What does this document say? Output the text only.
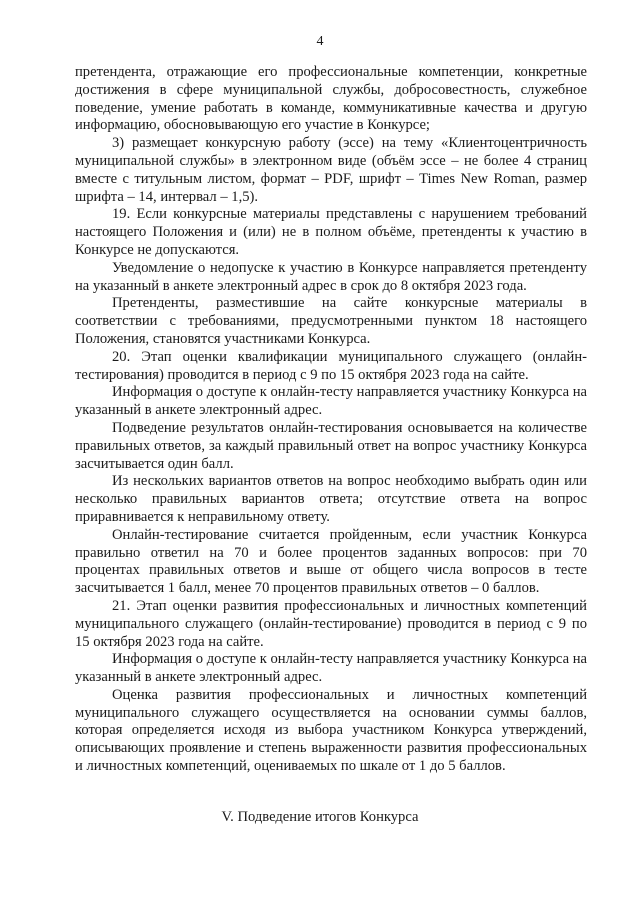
4

претендента, отражающие его профессиональные компетенции, конкретные достижения в сфере муниципальной службы, добросовестность, служебное поведение, умение работать в команде, коммуникативные качества и другую информацию, обосновывающую его участие в Конкурсе;

3) размещает конкурсную работу (эссе) на тему «Клиентоцентричность муниципальной службы» в электронном виде (объём эссе – не более 4 страниц вместе с титульным листом, формат – PDF, шрифт – Times New Roman, размер шрифта – 14, интервал – 1,5).

19. Если конкурсные материалы представлены с нарушением требований настоящего Положения и (или) не в полном объёме, претенденты к участию в Конкурсе не допускаются.

Уведомление о недопуске к участию в Конкурсе направляется претенденту на указанный в анкете электронный адрес в срок до 8 октября 2023 года.

Претенденты, разместившие на сайте конкурсные материалы в соответствии с требованиями, предусмотренными пунктом 18 настоящего Положения, становятся участниками Конкурса.

20. Этап оценки квалификации муниципального служащего (онлайн-тестирования) проводится в период с 9 по 15 октября 2023 года на сайте.

Информация о доступе к онлайн-тесту направляется участнику Конкурса на указанный в анкете электронный адрес.

Подведение результатов онлайн-тестирования основывается на количестве правильных ответов, за каждый правильный ответ на вопрос участнику Конкурса засчитывается один балл.

Из нескольких вариантов ответов на вопрос необходимо выбрать один или несколько правильных вариантов ответа; отсутствие ответа на вопрос приравнивается к неправильному ответу.

Онлайн-тестирование считается пройденным, если участник Конкурса правильно ответил на 70 и более процентов заданных вопросов: при 70 процентах правильных ответов и выше от общего числа вопросов в тесте засчитывается 1 балл, менее 70 процентов правильных ответов – 0 баллов.

21. Этап оценки развития профессиональных и личностных компетенций муниципального служащего (онлайн-тестирование) проводится в период с 9 по 15 октября 2023 года на сайте.

Информация о доступе к онлайн-тесту направляется участнику Конкурса на указанный в анкете электронный адрес.

Оценка развития профессиональных и личностных компетенций муниципального служащего осуществляется на основании суммы баллов, которая определяется исходя из выбора участником Конкурса утверждений, описывающих проявление и степень выраженности развития профессиональных и личностных компетенций, оцениваемых по шкале от 1 до 5 баллов.

V. Подведение итогов Конкурса
